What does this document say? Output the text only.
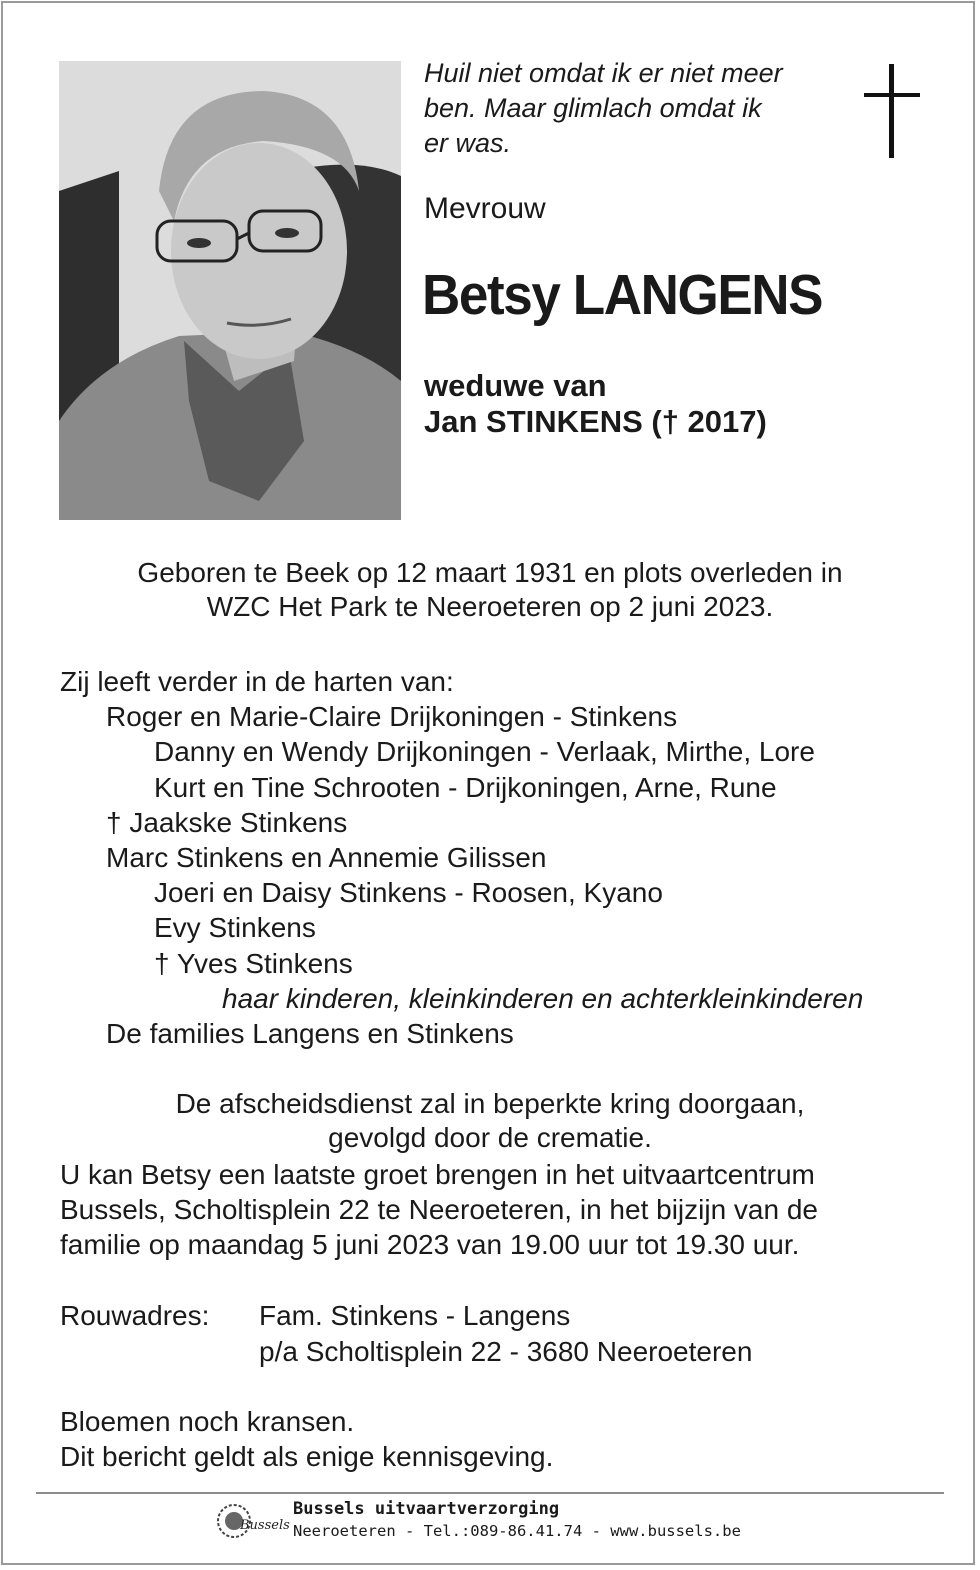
Huil niet omdat ik er niet meer
ben. Maar glimlach omdat ik
er was.
Mevrouw
Betsy LANGENS
weduwe van
Jan STINKENS († 2017)
Geboren te Beek op 12 maart 1931 en plots overleden in
WZC Het Park te Neeroeteren op 2 juni 2023.
Zij leeft verder in de harten van:
Roger en Marie-Claire Drijkoningen - Stinkens
Danny en Wendy Drijkoningen - Verlaak, Mirthe, Lore
Kurt en Tine Schrooten - Drijkoningen, Arne, Rune
† Jaakske Stinkens
Marc Stinkens en Annemie Gilissen
Joeri en Daisy Stinkens - Roosen, Kyano
Evy Stinkens
† Yves Stinkens
haar kinderen, kleinkinderen en achterkleinkinderen
De families Langens en Stinkens
De afscheidsdienst zal in beperkte kring doorgaan,
gevolgd door de crematie.
U kan Betsy een laatste groet brengen in het uitvaartcentrum
Bussels, Scholtisplein 22 te Neeroeteren, in het bijzijn van de
familie op maandag 5 juni 2023 van 19.00 uur tot 19.30 uur.
Rouwadres: Fam. Stinkens - Langens
p/a Scholtisplein 22 - 3680 Neeroeteren
Bloemen noch kransen.
Dit bericht geldt als enige kennisgeving.
Bussels
Bussels uitvaartverzorging
Neeroeteren - Tel.:089-86.41.74 - www.bussels.be
